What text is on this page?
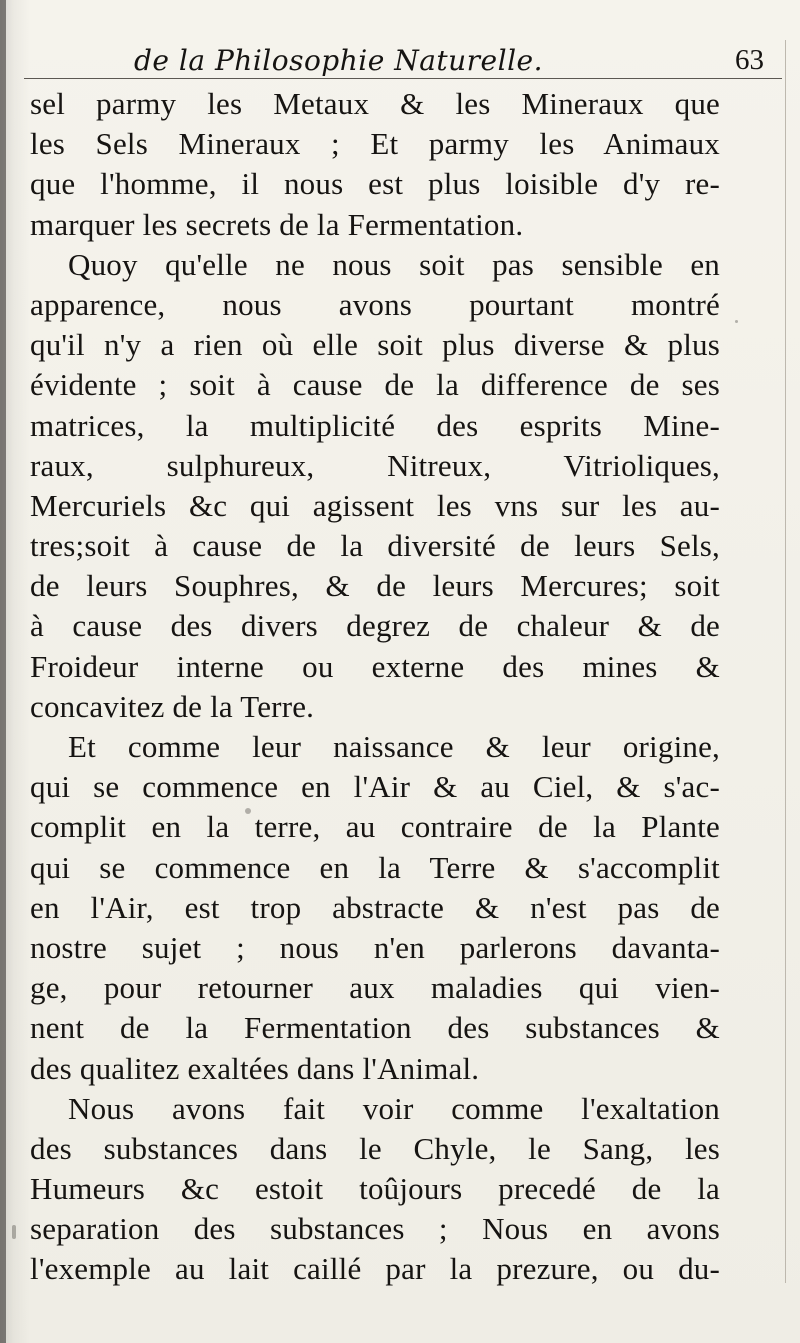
de la Philosophie Naturelle.	63
sel parmy les Metaux & les Mineraux que
les Sels Mineraux ; Et parmy les Animaux
que l'homme, il nous est plus loisible d'y re-
marquer les secrets de la Fermentation.
Quoy qu'elle ne nous soit pas sensible en
apparence, nous avons pourtant montré
qu'il n'y a rien où elle soit plus diverse & plus
évidente ; soit à cause de la difference de ses
matrices, la multiplicité des esprits Mine-
raux, sulphureux, Nitreux, Vitrioliques,
Mercuriels &c qui agissent les vns sur les au-
tres;soit à cause de la diversité de leurs Sels,
de leurs Souphres, & de leurs Mercures; soit
à cause des divers degrez de chaleur & de
Froideur interne ou externe des mines &
concavitez de la Terre.
Et comme leur naissance & leur origine,
qui se commence en l'Air & au Ciel, & s'ac-
complit en la terre, au contraire de la Plante
qui se commence en la Terre & s'accomplit
en l'Air, est trop abstracte & n'est pas de
nostre sujet ; nous n'en parlerons davanta-
ge, pour retourner aux maladies qui vien-
nent de la Fermentation des substances &
des qualitez exaltées dans l'Animal.
Nous avons fait voir comme l'exaltation
des substances dans le Chyle, le Sang, les
Humeurs &c estoit toûjours precedé de la
separation des substances ; Nous en avons
l'exemple au lait caillé par la prezure, ou du-
